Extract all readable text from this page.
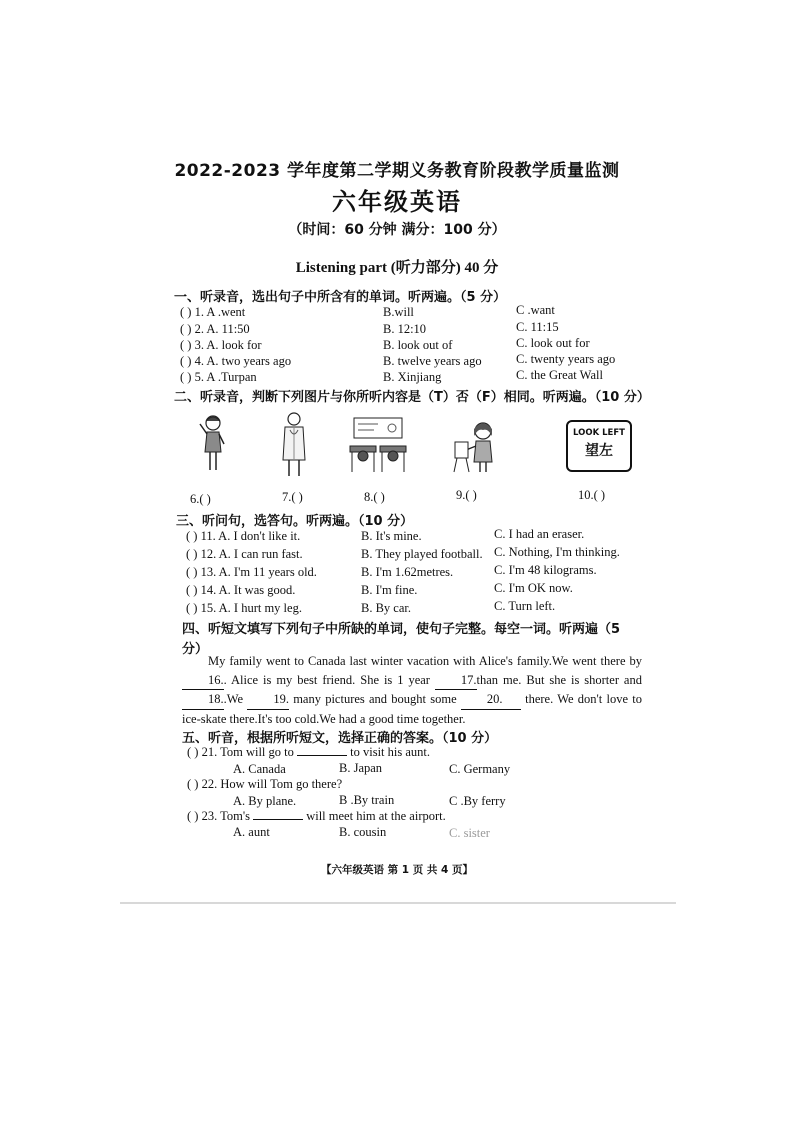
2022-2023 学年度第二学期义务教育阶段教学质量监测
六年级英语
（时间：60 分钟 满分：100 分）
Listening part (听力部分) 40 分
一、听录音，选出句子中所含有的单词。听两遍。（5 分）
( ) 1. A .went	B.will	C .want
( ) 2. A. 11:50	B. 12:10	C. 11:15
( ) 3. A. look for	B. look out of	C. look out for
( ) 4. A. two years ago	B. twelve years ago	C. twenty years ago
( ) 5. A .Turpan	B. Xinjiang	C. the Great Wall
二、听录音，判断下列图片与你所听内容是（T）否（F）相同。听两遍。（10 分）
LOOK LEFT
望左
6.( )	7.( )	8.( )	9.( )	10.( )
三、听问句，选答句。听两遍。（10 分）
( ) 11. A. I don't like it.	B. It's mine.	C. I had an eraser.
( ) 12. A. I can run fast.	B. They played football. C. Nothing, I'm thinking.
( ) 13. A. I'm 11 years old.	B. I'm 1.62metres.	C. I'm 48 kilograms.
( ) 14. A. It was good.	B. I'm fine.	C. I'm OK now.
( ) 15. A. I hurt my leg.	B. By car.	C. Turn left.
四、听短文填写下列句子中所缺的单词，使句子完整。每空一词。听两遍（5
分）
My family went to Canada last winter vacation with Alice's family.We went there by 16.. Alice is my best friend. She is 1 year 17.than me. But she is shorter and 18..We 19. many pictures and bought some 20. there. We don't love to ice-skate there.It's too cold.We had a good time together.
五、听音，根据所听短文，选择正确的答案。（10 分）
( ) 21. Tom will go to	to visit his aunt.
A. Canada	B. Japan	C. Germany
( ) 22. How will Tom go there?
A. By plane.	B .By train	C .By ferry
( ) 23. Tom's	will meet him at the airport.
A. aunt	B. cousin	C. sister
【六年级英语 第 1 页 共 4 页】
